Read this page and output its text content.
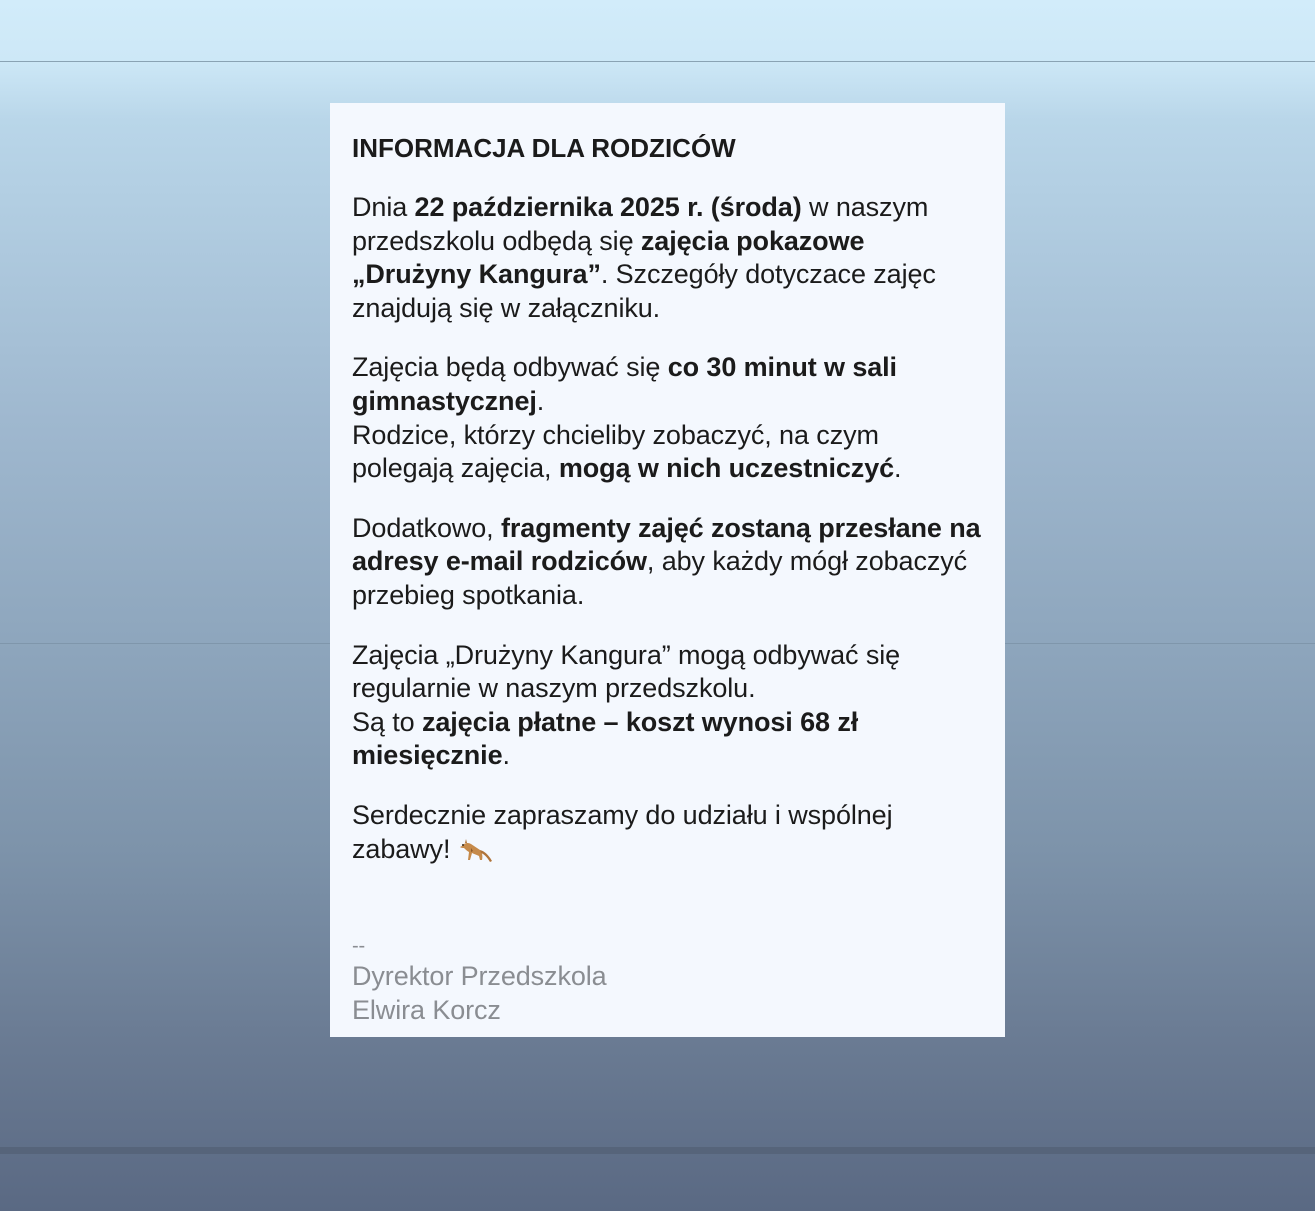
INFORMACJA DLA RODZICÓW
Dnia 22 października 2025 r. (środa) w naszym
przedszkolu odbędą się zajęcia pokazowe
„Drużyny Kangura”. Szczegóły dotyczace zajęc
znajdują się w załączniku.
Zajęcia będą odbywać się co 30 minut w sali
gimnastycznej.
Rodzice, którzy chcieliby zobaczyć, na czym
polegają zajęcia, mogą w nich uczestniczyć.
Dodatkowo, fragmenty zajęć zostaną przesłane na
adresy e-mail rodziców, aby każdy mógł zobaczyć
przebieg spotkania.
Zajęcia „Drużyny Kangura” mogą odbywać się
regularnie w naszym przedszkolu.
Są to zajęcia płatne – koszt wynosi 68 zł
miesięcznie.
Serdecznie zapraszamy do udziału i wspólnej
zabawy!
--
Dyrektor Przedszkola
Elwira Korcz
